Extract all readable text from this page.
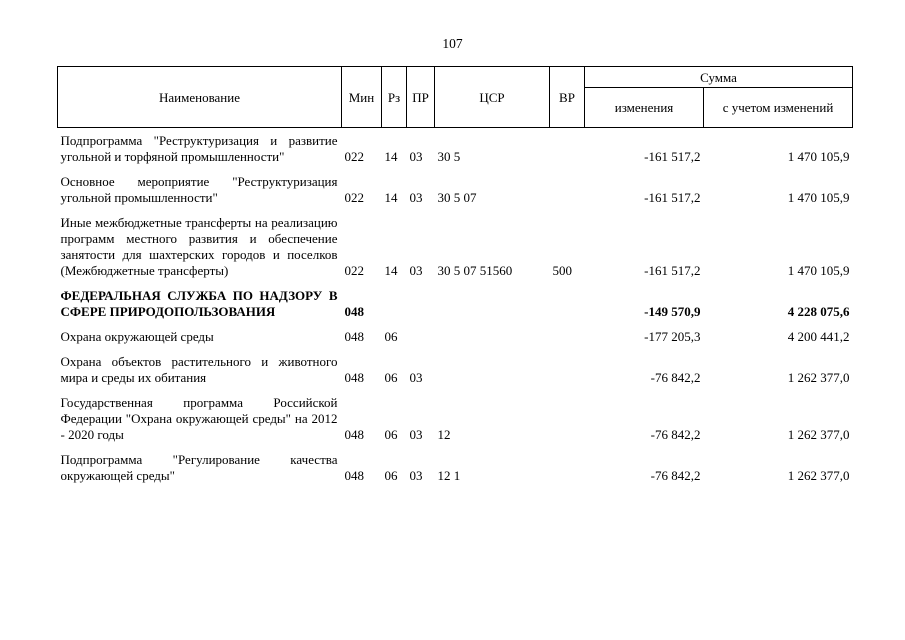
107
Наименование	Мин	Рз	ПР	ЦСР	ВР	Сумма	
						изменения	с учетом изменений
Подпрограмма "Реструктуризация и развитие угольной и торфяной промышленности"	022	14	03	30 5		-161 517,2	1 470 105,9
Основное мероприятие "Реструктуризация угольной промышленности"	022	14	03	30 5 07		-161 517,2	1 470 105,9
Иные межбюджетные трансферты на реализацию программ местного развития и обеспечение занятости для шахтерских городов и поселков (Межбюджетные трансферты)	022	14	03	30 5 07 51560	500	-161 517,2	1 470 105,9
ФЕДЕРАЛЬНАЯ СЛУЖБА ПО НАДЗОРУ В СФЕРЕ ПРИРОДОПОЛЬЗОВАНИЯ	048					-149 570,9	4 228 075,6
Охрана окружающей среды	048	06				-177 205,3	4 200 441,2
Охрана объектов растительного и животного мира и среды их обитания	048	06	03			-76 842,2	1 262 377,0
Государственная программа Российской Федерации "Охрана окружающей среды" на 2012 - 2020 годы	048	06	03	12		-76 842,2	1 262 377,0
Подпрограмма "Регулирование качества окружающей среды"	048	06	03	12 1		-76 842,2	1 262 377,0
